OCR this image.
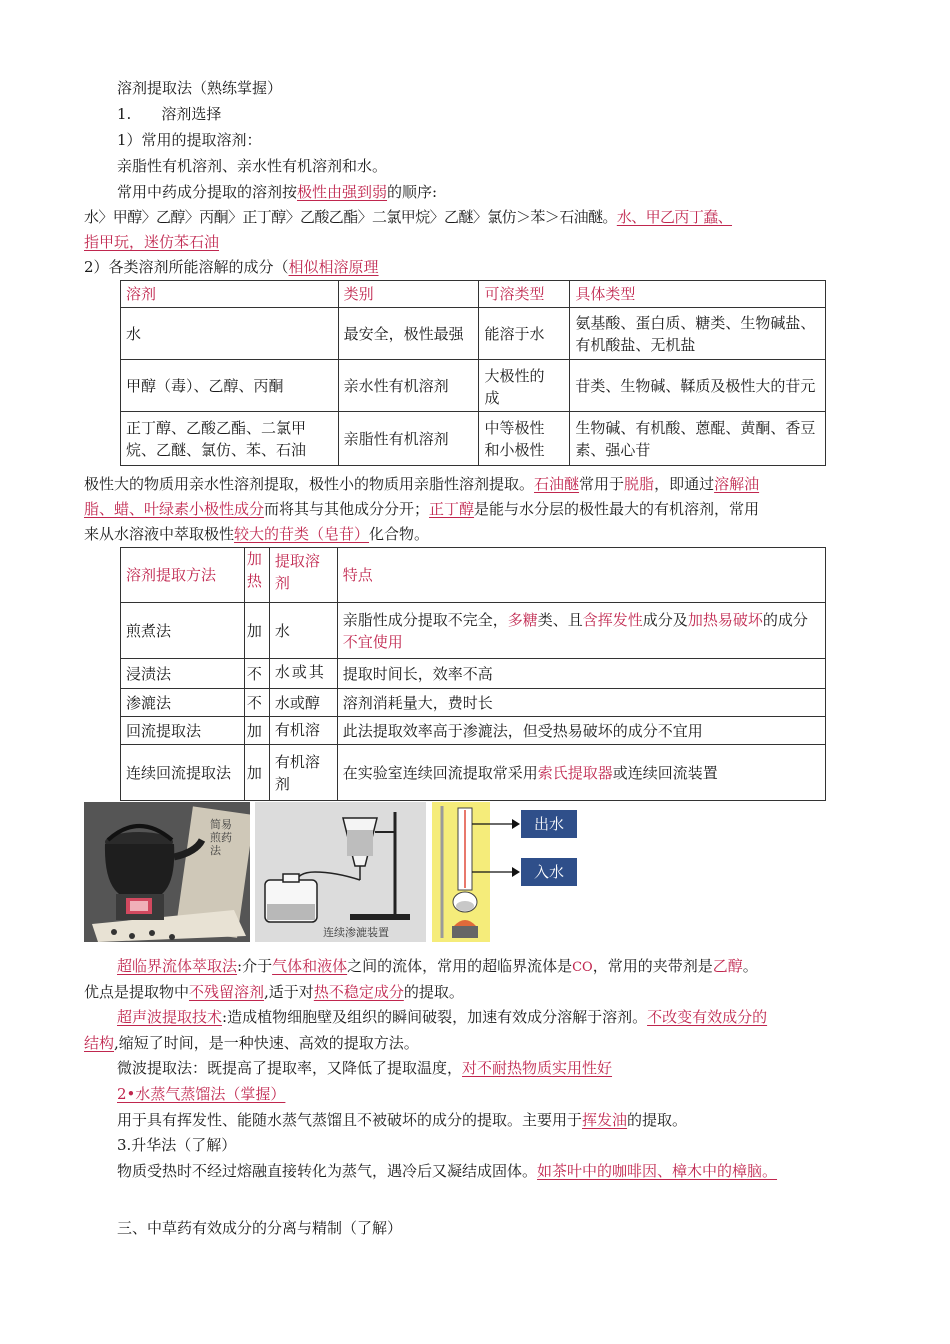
溶剂提取法（熟练掌握）
1. 溶剂选择
1）常用的提取溶剂：
亲脂性有机溶剂、亲水性有机溶剂和水。
常用中药成分提取的溶剂按极性由强到弱的顺序:
水〉甲醇〉乙醇〉丙酮〉正丁醇〉乙酸乙酯〉二氯甲烷〉乙醚〉氯仿＞苯＞石油醚。水、甲乙丙丁蠢、
指甲玩，迷仿苯石油
2）各类溶剂所能溶解的成分（相似相溶原理
溶剂	类别	可溶类型	具体类型
水	最安全，极性最强	能溶于水	氨基酸、蛋白质、糖类、生物碱盐、有机酸盐、无机盐
甲醇（毒）、乙醇、丙酮	亲水性有机溶剂	大极性的成	苷类、生物碱、鞣质及极性大的苷元

正丁醇、乙酸乙酯、二氯甲烷、乙醚、氯仿、苯、石油	亲脂性有机溶剂	中等极性和小极性	生物碱、有机酸、蒽醌、黄酮、香豆素、强心苷
极性大的物质用亲水性溶剂提取，极性小的物质用亲脂性溶剂提取。石油醚常用于脱脂，即通过溶解油
脂、蜡、叶绿素小极性成分而将其与其他成分分开；正丁醇是能与水分层的极性最大的有机溶剂，常用
来从水溶液中萃取极性较大的苷类（皂苷）化合物。
溶剂提取方法	加热	提取溶剂	特点
煎煮法	加	水	亲脂性成分提取不完全，多糖类、且含挥发性成分及加热易破坏的成分不宜使用
浸渍法	不	水或其	提取时间长，效率不高
渗漉法	不	水或醇	溶剂消耗量大，费时长
回流提取法	加	有机溶	此法提取效率高于渗漉法，但受热易破坏的成分不宜用
连续回流提取法	加	有机溶剂	在实验室连续回流提取常采用索氏提取器或连续回流装置
简易煎药法
连续渗漉装置
出水
入水
超临界流体萃取法:介于气体和液体之间的流体，常用的超临界流体是CO，常用的夹带剂是乙醇。
优点是提取物中不残留溶剂,适于对热不稳定成分的提取。
超声波提取技术:造成植物细胞壁及组织的瞬间破裂，加速有效成分溶解于溶剂。不改变有效成分的
结构,缩短了时间，是一种快速、高效的提取方法。
微波提取法：既提高了提取率，又降低了提取温度，对不耐热物质实用性好
2•水蒸气蒸馏法（掌握）
用于具有挥发性、能随水蒸气蒸馏且不被破坏的成分的提取。主要用于挥发油的提取。
3.升华法（了解）
物质受热时不经过熔融直接转化为蒸气，遇冷后又凝结成固体。如茶叶中的咖啡因、樟木中的樟脑。
三、中草药有效成分的分离与精制（了解）
